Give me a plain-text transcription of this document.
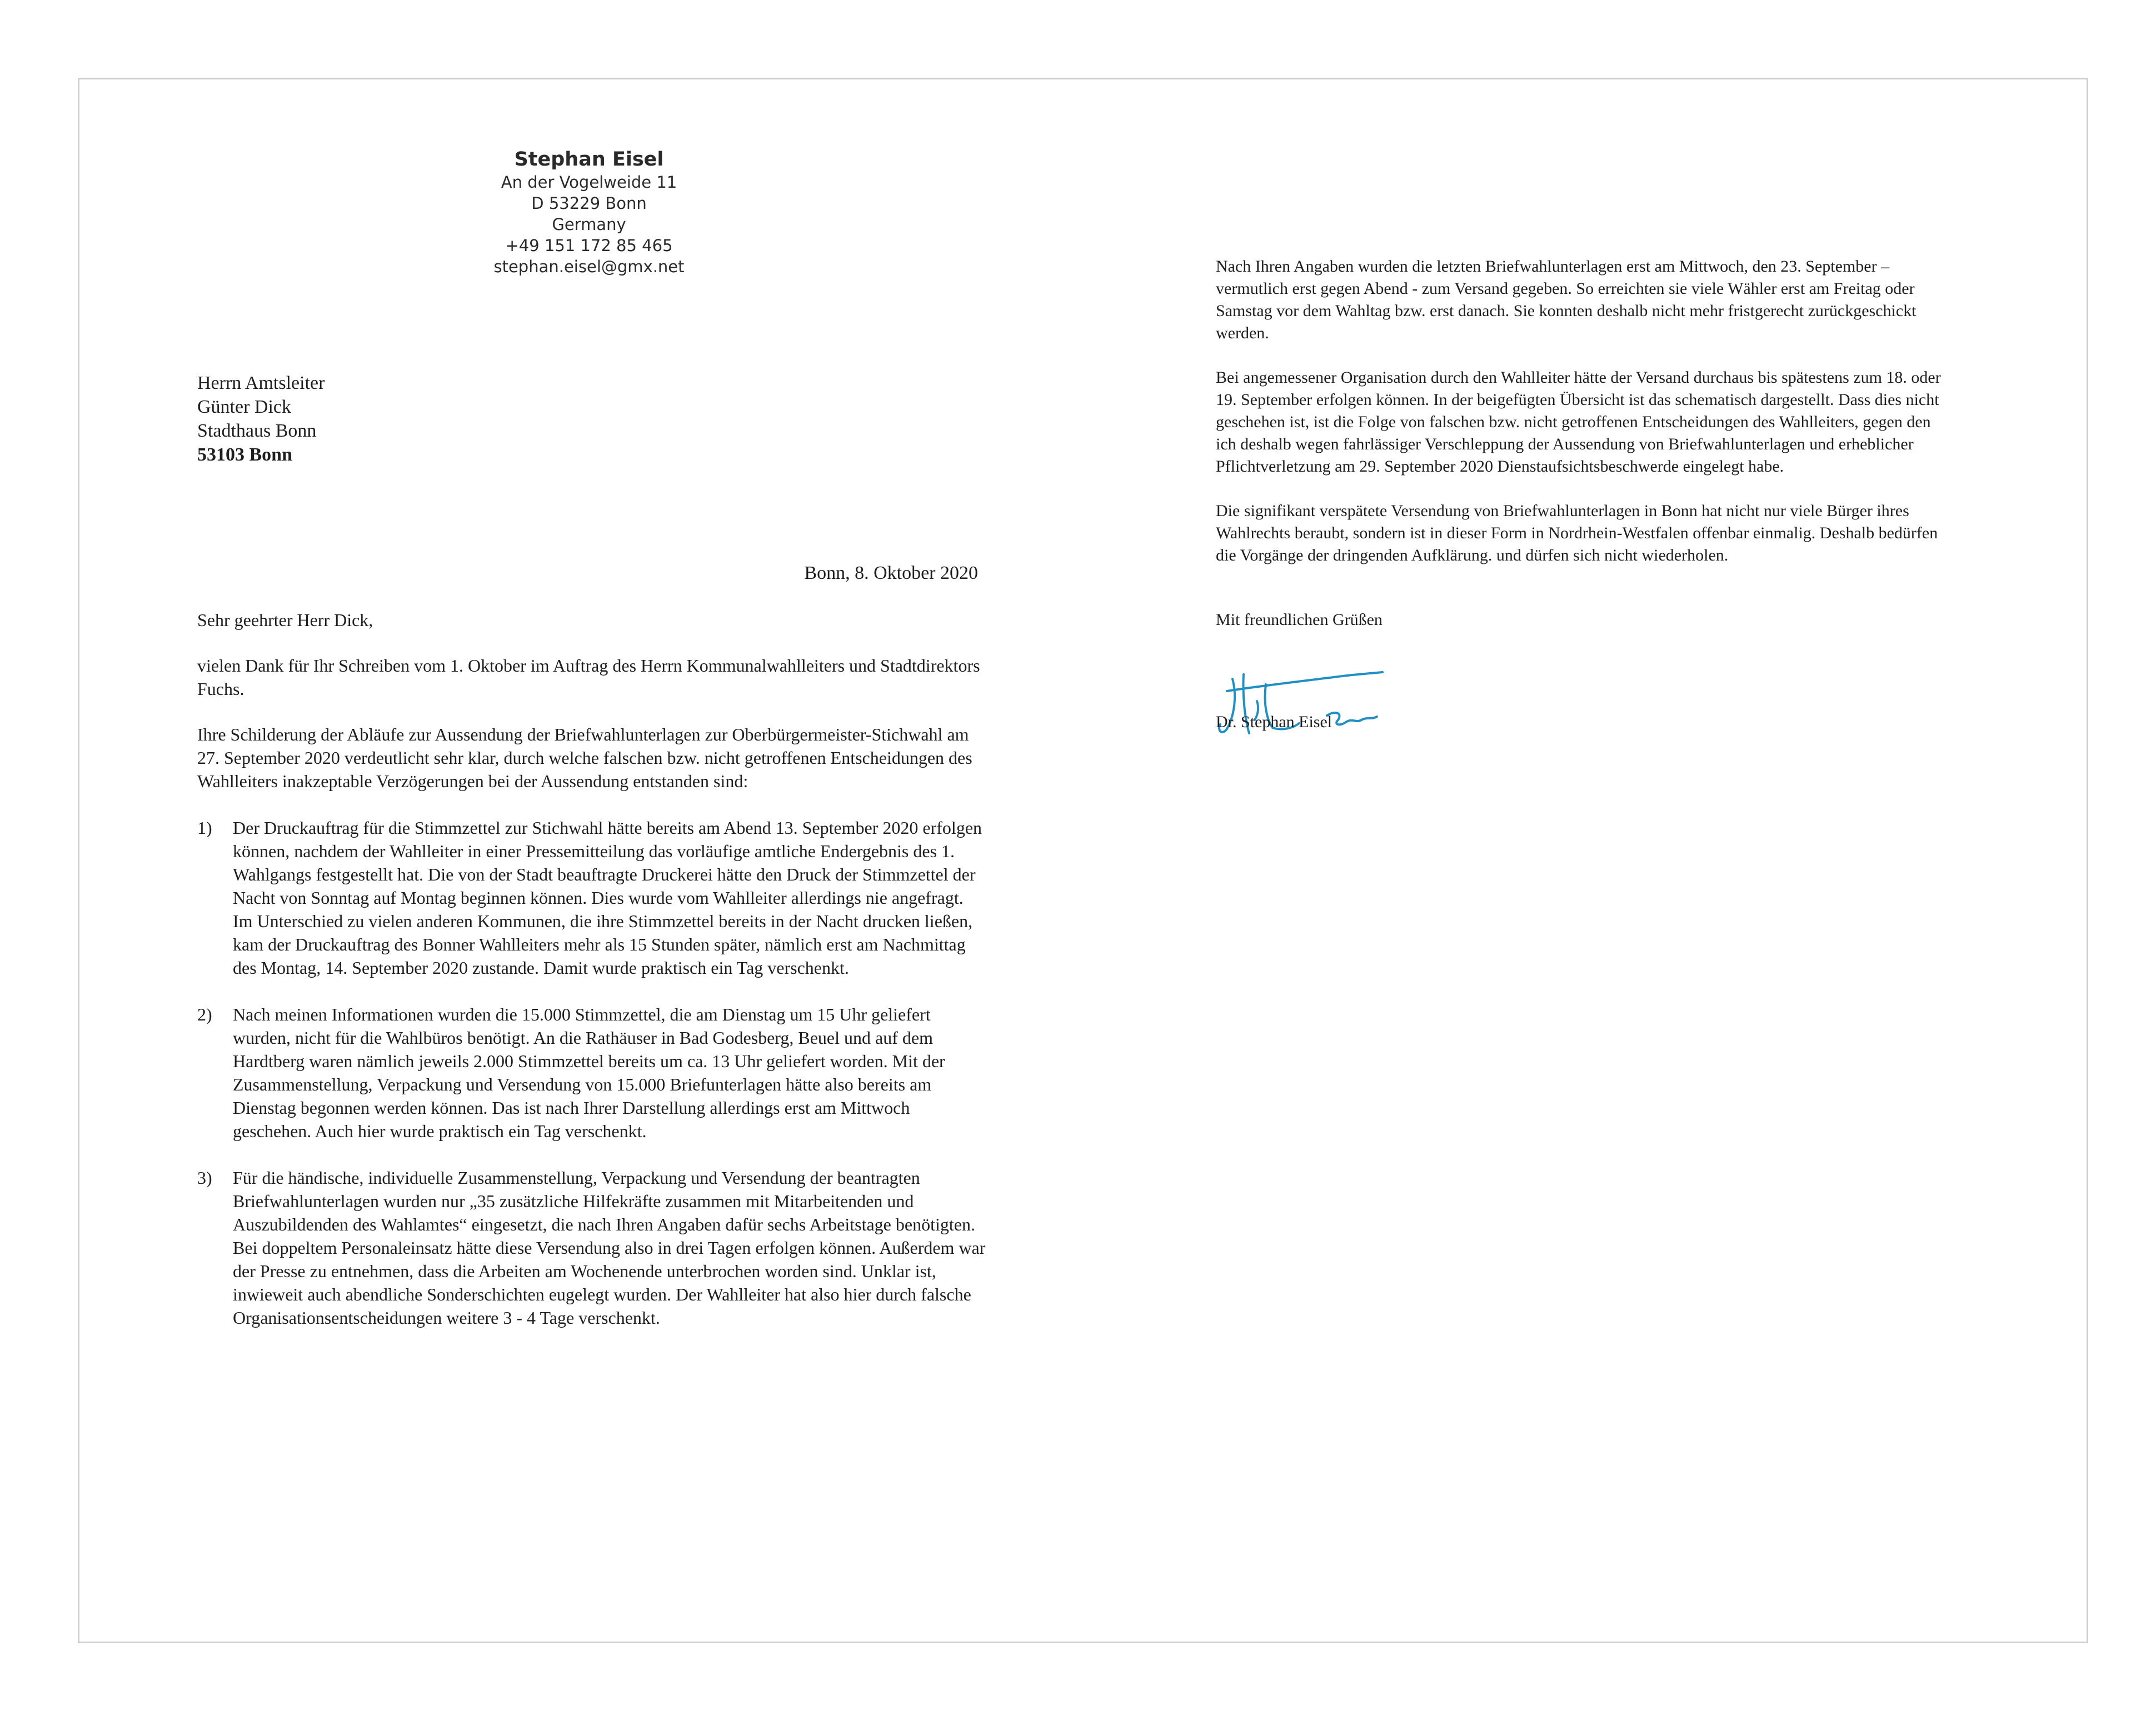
Stephan Eisel
An der Vogelweide 11
D 53229 Bonn
Germany
+49 151 172 85 465
stephan.eisel@gmx.net
Herrn Amtsleiter
Günter Dick
Stadthaus Bonn
53103 Bonn
Bonn, 8. Oktober 2020

Sehr geehrter Herr Dick,

vielen Dank für Ihr Schreiben vom 1. Oktober im Auftrag des Herrn Kommunalwahlleiters und Stadtdirektors Fuchs.

Ihre Schilderung der Abläufe zur Aussendung der Briefwahlunterlagen zur Oberbürgermeister-Stichwahl am 27. September 2020 verdeutlicht sehr klar, durch welche falschen bzw. nicht getroffenen Entscheidungen des Wahlleiters inakzeptable Verzögerungen bei der Aussendung entstanden sind:

1) Der Druckauftrag für die Stimmzettel zur Stichwahl hätte bereits am Abend 13. September 2020 erfolgen können, nachdem der Wahlleiter in einer Pressemitteilung das vorläufige amtliche Endergebnis des 1. Wahlgangs festgestellt hat. Die von der Stadt beauftragte Druckerei hätte den Druck der Stimmzettel der Nacht von Sonntag auf Montag beginnen können. Dies wurde vom Wahlleiter allerdings nie angefragt. Im Unterschied zu vielen anderen Kommunen, die ihre Stimmzettel bereits in der Nacht drucken ließen, kam der Druckauftrag des Bonner Wahlleiters mehr als 15 Stunden später, nämlich erst am Nachmittag des Montag, 14. September 2020 zustande. Damit wurde praktisch ein Tag verschenkt.

2) Nach meinen Informationen wurden die 15.000 Stimmzettel, die am Dienstag um 15 Uhr geliefert wurden, nicht für die Wahlbüros benötigt. An die Rathäuser in Bad Godesberg, Beuel und auf dem Hardtberg waren nämlich jeweils 2.000 Stimmzettel bereits um ca. 13 Uhr geliefert worden. Mit der Zusammenstellung, Verpackung und Versendung von 15.000 Briefunterlagen hätte also bereits am Dienstag begonnen werden können. Das ist nach Ihrer Darstellung allerdings erst am Mittwoch geschehen. Auch hier wurde praktisch ein Tag verschenkt.

3) Für die händische, individuelle Zusammenstellung, Verpackung und Versendung der beantragten Briefwahlunterlagen wurden nur „35 zusätzliche Hilfekräfte zusammen mit Mitarbeitenden und Auszubildenden des Wahlamtes“ eingesetzt, die nach Ihren Angaben dafür sechs Arbeitstage benötigten. Bei doppeltem Personaleinsatz hätte diese Versendung also in drei Tagen erfolgen können. Außerdem war der Presse zu entnehmen, dass die Arbeiten am Wochenende unterbrochen worden sind. Unklar ist, inwieweit auch abendliche Sonderschichten eugelegt wurden. Der Wahlleiter hat also hier durch falsche Organisationsentscheidungen weitere 3 - 4 Tage verschenkt.

Nach Ihren Angaben wurden die letzten Briefwahlunterlagen erst am Mittwoch, den 23. September – vermutlich erst gegen Abend - zum Versand gegeben. So erreichten sie viele Wähler erst am Freitag oder Samstag vor dem Wahltag bzw. erst danach. Sie konnten deshalb nicht mehr fristgerecht zurückgeschickt werden.

Bei angemessener Organisation durch den Wahlleiter hätte der Versand durchaus bis spätestens zum 18. oder 19. September erfolgen können. In der beigefügten Übersicht ist das schematisch dargestellt. Dass dies nicht geschehen ist, ist die Folge von falschen bzw. nicht getroffenen Entscheidungen des Wahlleiters, gegen den ich deshalb wegen fahrlässiger Verschleppung der Aussendung von Briefwahlunterlagen und erheblicher Pflichtverletzung am 29. September 2020 Dienstaufsichtsbeschwerde eingelegt habe.

Die signifikant verspätete Versendung von Briefwahlunterlagen in Bonn hat nicht nur viele Bürger ihres Wahlrechts beraubt, sondern ist in dieser Form in Nordrhein-Westfalen offenbar einmalig. Deshalb bedürfen die Vorgänge der dringenden Aufklärung. und dürfen sich nicht wiederholen.

Mit freundlichen Grüßen

Dr. Stephan Eisel
